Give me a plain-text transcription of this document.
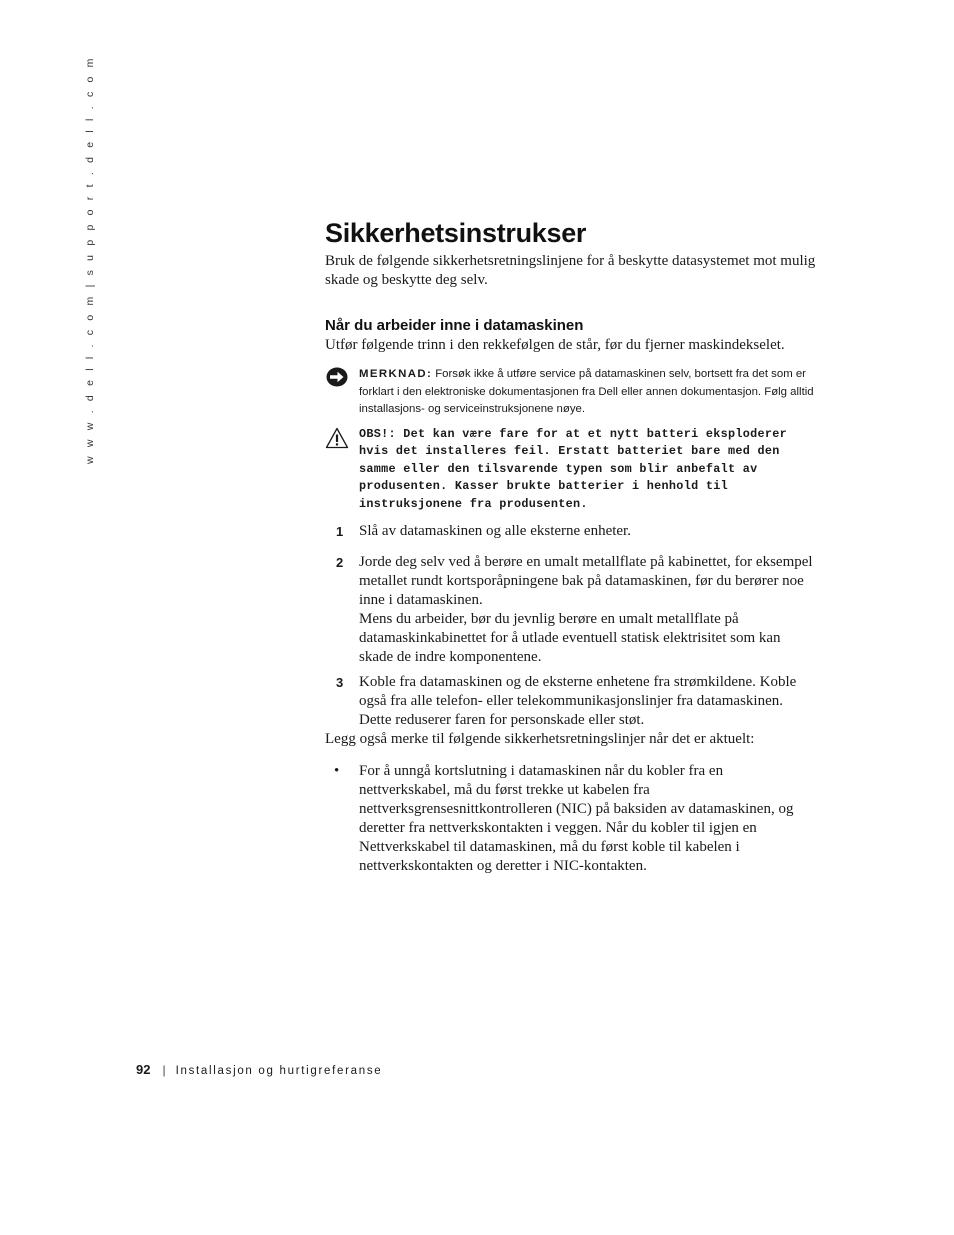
w w w . d e l l . c o m | s u p p o r t . d e l l . c o m	Sikkerhetsinstrukser

Bruk de følgende sikkerhetsretningslinjene for å beskytte datasystemet mot mulig skade og beskytte deg selv.

Når du arbeider inne i datamaskinen

Utfør følgende trinn i den rekkefølgen de står, før du fjerner maskindekselet.

MERKNAD: Forsøk ikke å utføre service på datamaskinen selv, bortsett fra det som er forklart i den elektroniske dokumentasjonen fra Dell eller annen dokumentasjon. Følg alltid installasjons- og serviceinstruksjonene nøye.
OBS!: Det kan være fare for at et nytt batteri eksploderer hvis det installeres feil. Erstatt batteriet bare med den samme eller den tilsvarende typen som blir anbefalt av produsenten. Kasser brukte batterier i henhold til instruksjonene fra produsenten.
1 Slå av datamaskinen og alle eksterne enheter.

2 Jorde deg selv ved å berøre en umalt metallflate på kabinettet, for eksempel metallet rundt kortsporåpningene bak på datamaskinen, før du berører noe inne i datamaskinen.

Mens du arbeider, bør du jevnlig berøre en umalt metallflate på datamaskinkabinettet for å utlade eventuell statisk elektrisitet som kan skade de indre komponentene.

3 Koble fra datamaskinen og de eksterne enhetene fra strømkildene. Koble også fra alle telefon- eller telekommunikasjonslinjer fra datamaskinen.

Dette reduserer faren for personskade eller støt.

Legg også merke til følgende sikkerhetsretningslinjer når det er aktuelt:

• For å unngå kortslutning i datamaskinen når du kobler fra en nettverkskabel, må du først trekke ut kabelen fra nettverksgrensesnittkontrolleren (NIC) på baksiden av datamaskinen, og deretter fra nettverkskontakten i veggen. Når du kobler til igjen en Nettverkskabel til datamaskinen, må du først koble til kabelen i nettverkskontakten og deretter i NIC-kontakten.

92 | Installasjon og hurtigreferanse
